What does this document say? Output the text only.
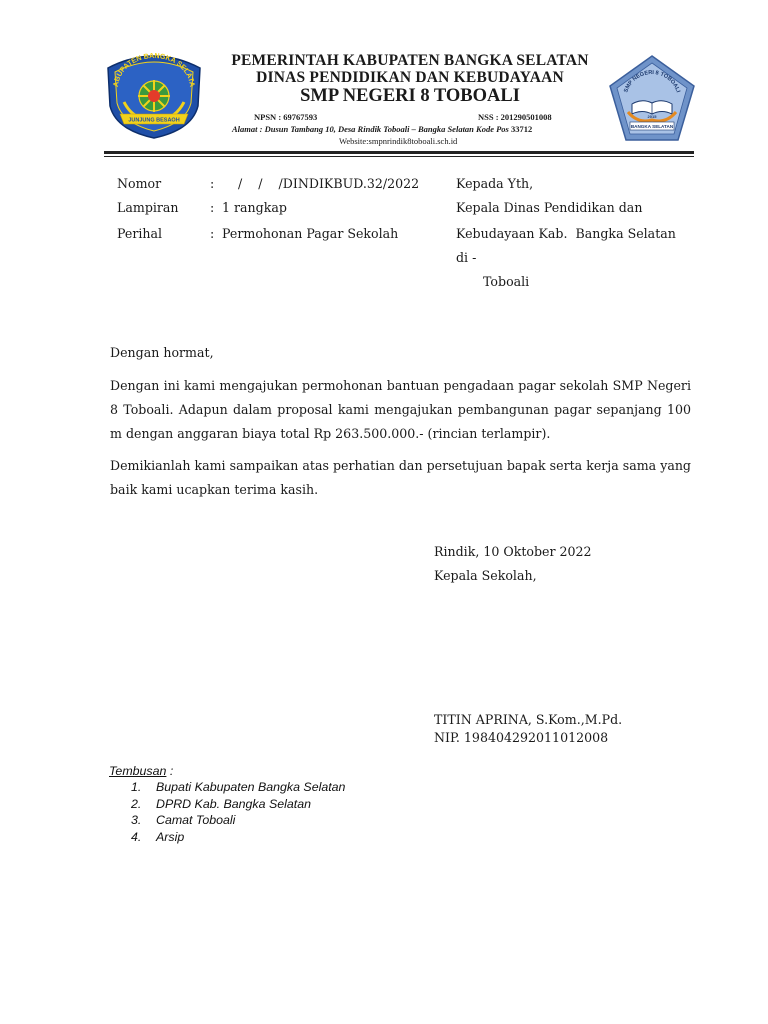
ABUPATEN BANGKA SELATA
JUNJUNG BESAOH
SMP NEGERI 8 TOBOALI
2015
BANGKA SELATAN
PEMERINTAH KABUPATEN BANGKA SELATAN
DINAS PENDIDIKAN DAN KEBUDAYAAN
SMP NEGERI 8 TOBOALI
NPSN : 69767593	NSS : 201290501008
Alamat : Dusun Tambang 10, Desa Rindik Toboali – Bangka Selatan Kode Pos 33712
Website:smpnrindik8toboali.sch.id
Nomor	: /    /    /DINDIKBUD.32/2022
Lampiran : 1 rangkap
Perihal	: Permohonan Pagar Sekolah
Kepada Yth,
Kepala Dinas Pendidikan dan
Kebudayaan Kab.  Bangka Selatan
di -
Toboali
Dengan hormat,
Dengan ini kami mengajukan permohonan bantuan pengadaan pagar sekolah SMP Negeri 8 Toboali. Adapun dalam proposal kami mengajukan pembangunan pagar sepanjang 100 m dengan anggaran biaya total Rp 263.500.000.- (rincian terlampir).
Demikianlah kami sampaikan atas perhatian dan persetujuan bapak serta kerja sama yang baik kami ucapkan terima kasih.
Rindik, 10 Oktober 2022
Kepala Sekolah,
TITIN APRINA, S.Kom.,M.Pd.
NIP. 198404292011012008
Tembusan :
1. Bupati Kabupaten Bangka Selatan
2. DPRD Kab. Bangka Selatan
3. Camat Toboali
4. Arsip
